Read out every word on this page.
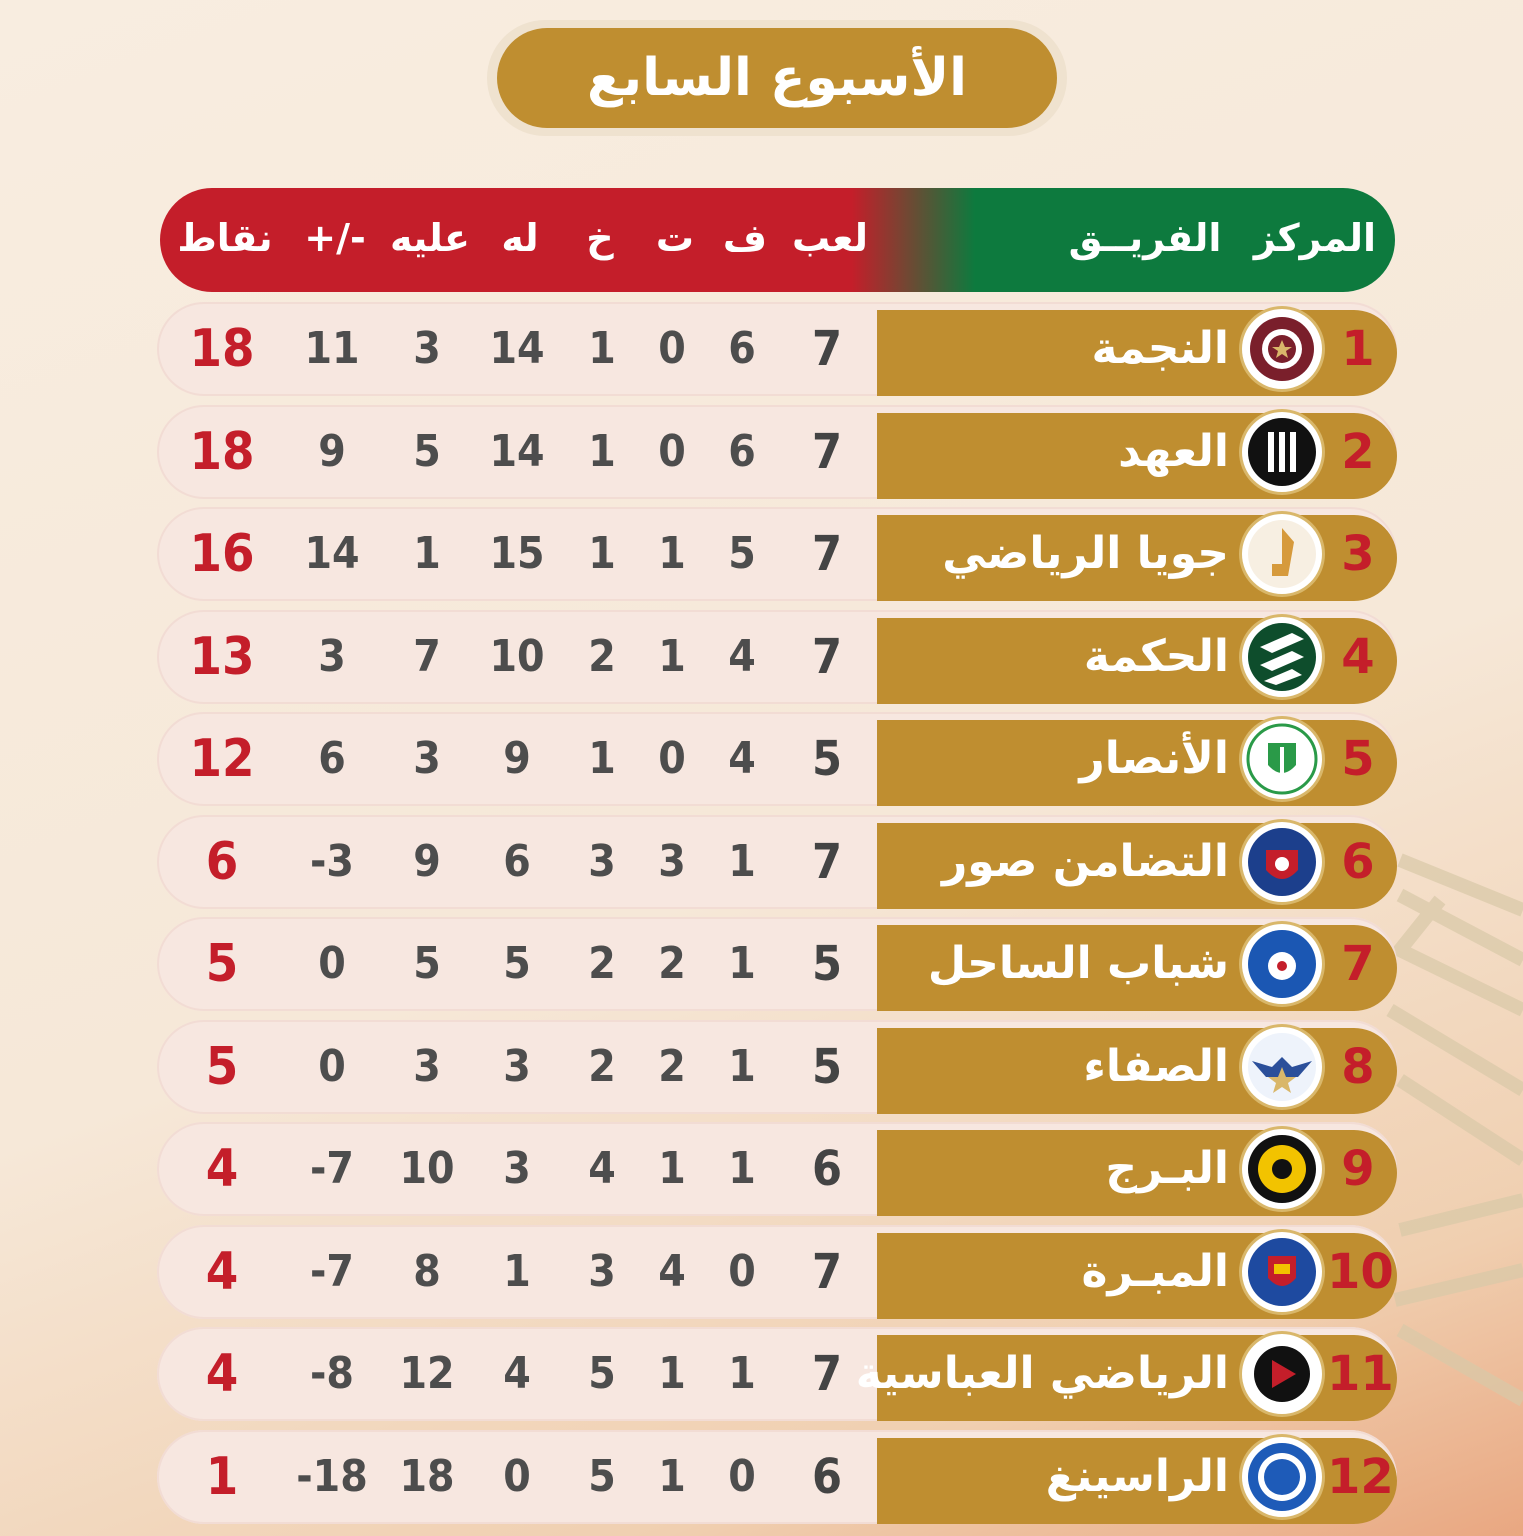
الأسبوع السابع
المركز
الفريــق
لعب
ف
ت
خ
له
عليه
+/-
نقاط
1
النجمة
7
6
0
1
14
3
11
18
2
العهد
7
6
0
1
14
5
9
18
3
جويا الرياضي
7
5
1
1
15
1
14
16
4
الحكمة
7
4
1
2
10
7
3
13
5
الأنصار
5
4
0
1
9
3
6
12
6
التضامن صور
7
1
3
3
6
9
-3
6
7
شباب الساحل
5
1
2
2
5
5
0
5
8
الصفاء
5
1
2
2
3
3
0
5
9
البـرج
6
1
1
4
3
10
-7
4
10
المبـرة
7
0
4
3
1
8
-7
4
11
الرياضي العباسية
7
1
1
5
4
12
-8
4
12
الراسينغ
6
0
1
5
0
18
-18
1
